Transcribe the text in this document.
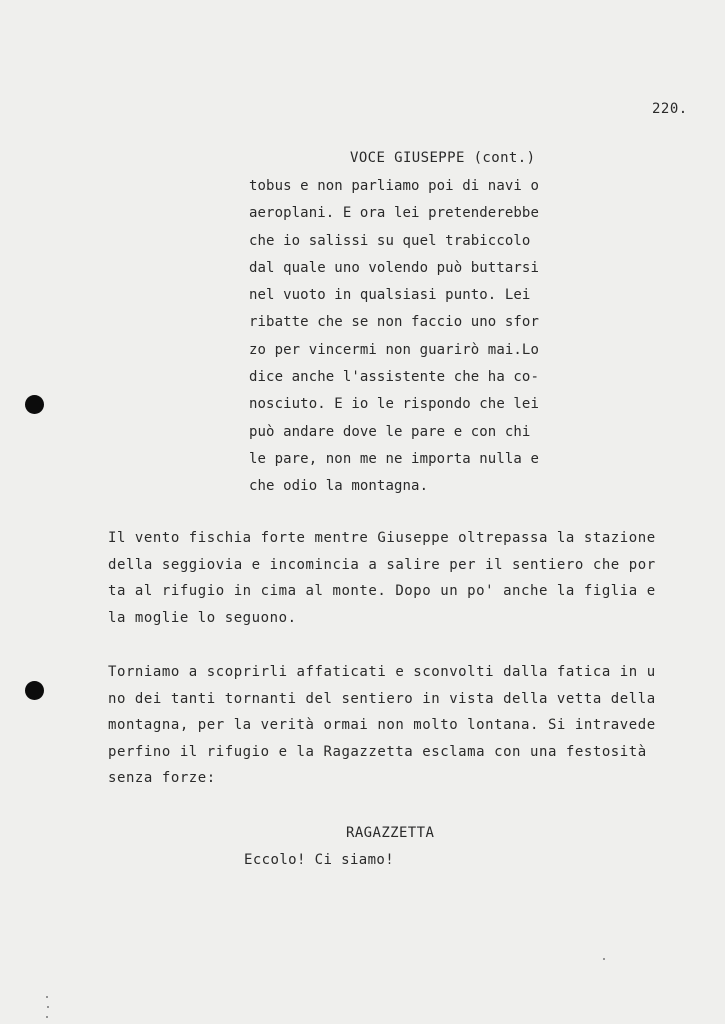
220.
VOCE GIUSEPPE (cont.)
tobus e non parliamo poi di navi o
aeroplani. E ora lei pretenderebbe
che io salissi su quel trabiccolo
dal quale uno volendo può buttarsi
nel vuoto in qualsiasi punto. Lei
ribatte che se non faccio uno sfor
zo per vincermi non guarirò mai.Lo
dice anche l'assistente che ha co-
nosciuto. E io le rispondo che lei
può andare dove le pare e con chi
le pare, non me ne importa nulla e
che odio la montagna.
Il vento fischia forte mentre Giuseppe oltrepassa la stazione
della seggiovia e incomincia a salire per il sentiero che por
ta al rifugio in cima al monte. Dopo un po' anche la figlia e
la moglie lo seguono.
Torniamo a scoprirli affaticati e sconvolti dalla fatica in u
no dei tanti tornanti del sentiero in vista della vetta della
montagna, per la verità ormai non molto lontana. Si intravede
perfino il rifugio e la Ragazzetta esclama con una festosità
senza forze:
RAGAZZETTA
Eccolo! Ci siamo!
